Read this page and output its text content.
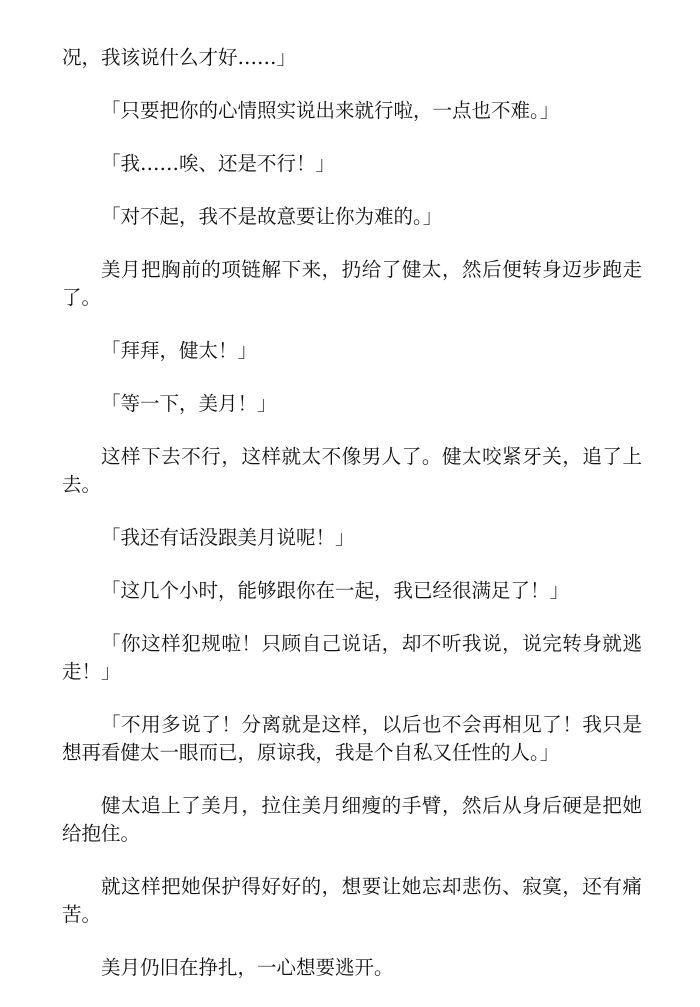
况，我该说什么才好……」

「只要把你的心情照实说出来就行啦，一点也不难。」

「我……唉、还是不行！」

「对不起，我不是故意要让你为难的。」

美月把胸前的项链解下来，扔给了健太，然后便转身迈步跑走了。

「拜拜，健太！」

「等一下，美月！」

这样下去不行，这样就太不像男人了。健太咬紧牙关，追了上去。

「我还有话没跟美月说呢！」

「这几个小时，能够跟你在一起，我已经很满足了！」

「你这样犯规啦！只顾自己说话，却不听我说，说完转身就逃走！」

「不用多说了！分离就是这样，以后也不会再相见了！我只是想再看健太一眼而已，原谅我，我是个自私又任性的人。」

健太追上了美月，拉住美月细瘦的手臂，然后从身后硬是把她给抱住。

就这样把她保护得好好的，想要让她忘却悲伤、寂寞，还有痛苦。

美月仍旧在挣扎，一心想要逃开。
